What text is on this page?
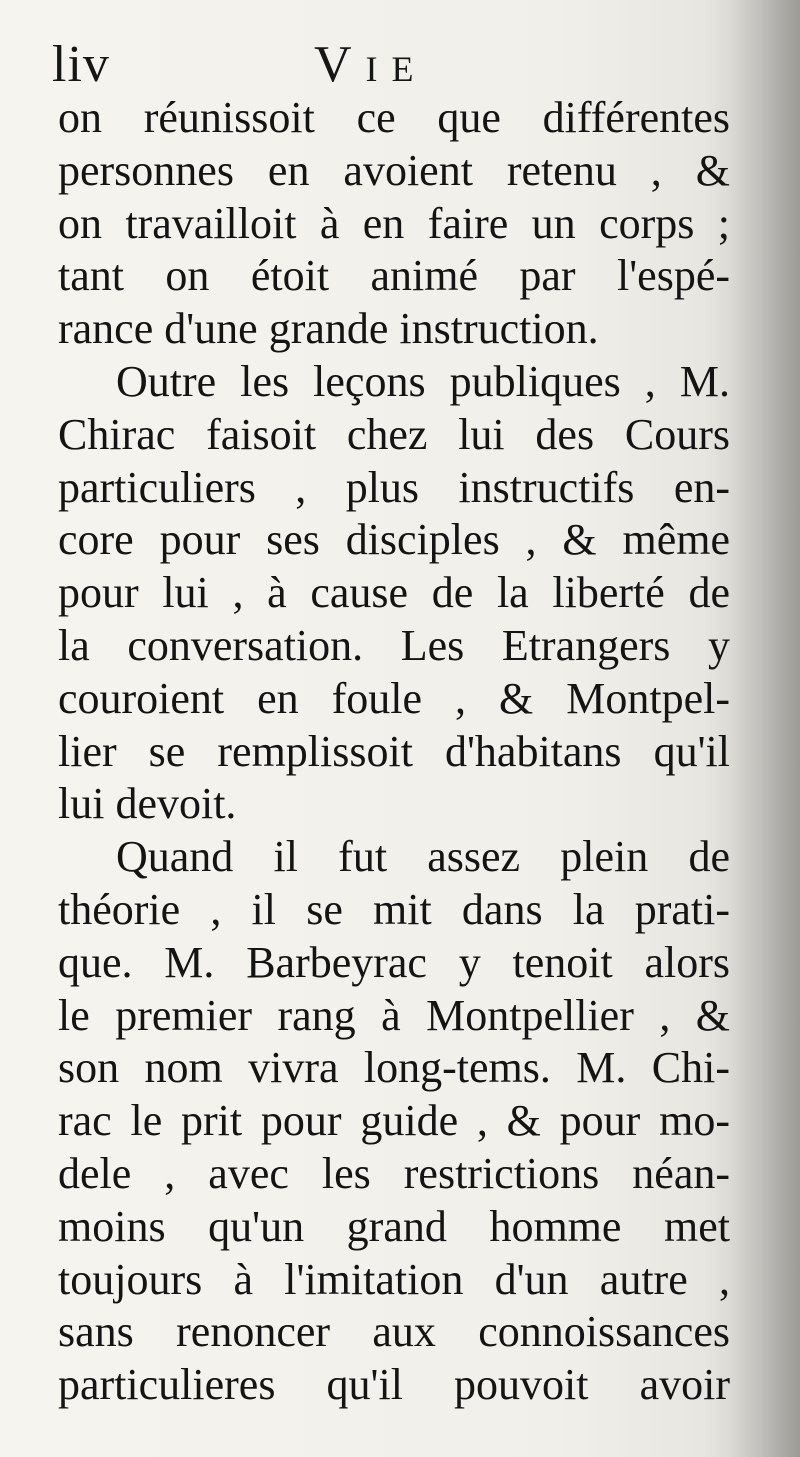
liv	Vie
on réunissoit ce que différentes
personnes en avoient retenu , &
on travailloit à en faire un corps ;
tant on étoit animé par l'espé-
rance d'une grande instruction.
Outre les leçons publiques , M.
Chirac faisoit chez lui des Cours
particuliers , plus instructifs en-
core pour ses disciples , & même
pour lui , à cause de la liberté de
la conversation. Les Etrangers y
couroient en foule , & Montpel-
lier se remplissoit d'habitans qu'il
lui devoit.
Quand il fut assez plein de
théorie , il se mit dans la prati-
que. M. Barbeyrac y tenoit alors
le premier rang à Montpellier , &
son nom vivra long-tems. M. Chi-
rac le prit pour guide , & pour mo-
dele , avec les restrictions néan-
moins qu'un grand homme met
toujours à l'imitation d'un autre ,
sans renoncer aux connoissances
particulieres qu'il pouvoit avoir
